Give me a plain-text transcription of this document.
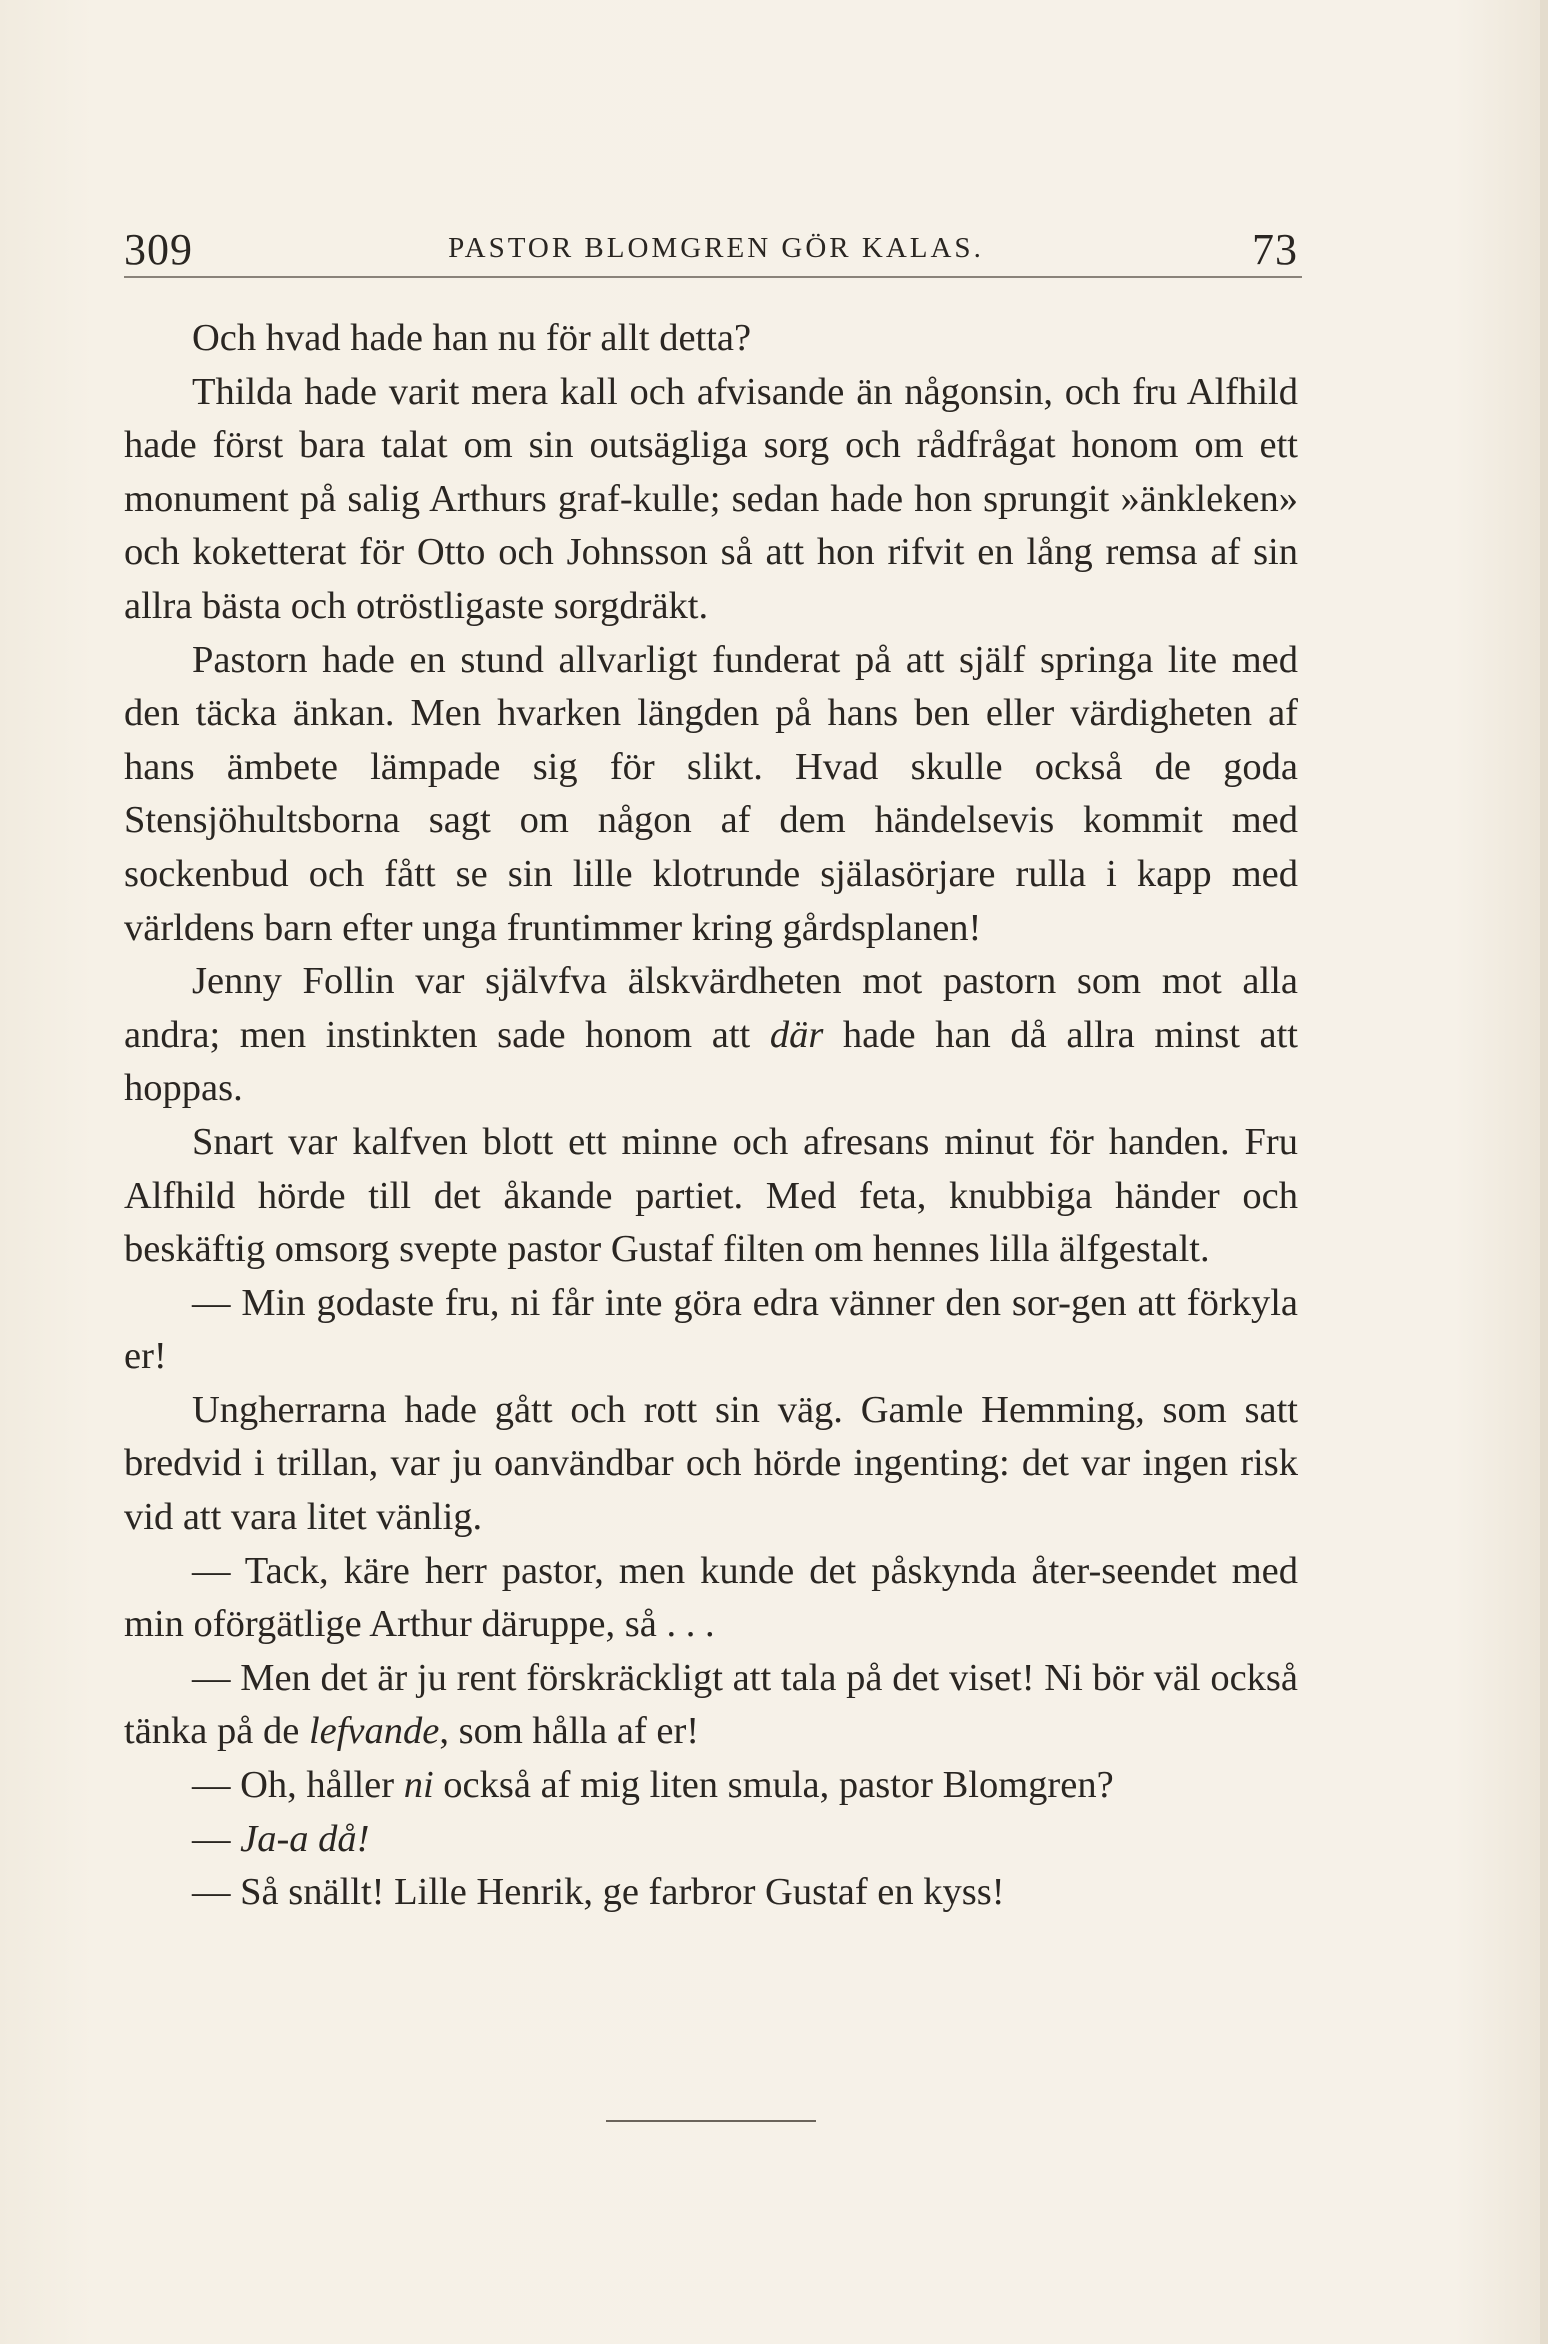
309	PASTOR BLOMGREN GÖR KALAS.	73

Och hvad hade han nu för allt detta?

Thilda hade varit mera kall och afvisande än någonsin, och fru Alfhild hade först bara talat om sin outsägliga sorg och rådfrågat honom om ett monument på salig Arthurs graf-kulle; sedan hade hon sprungit »änkleken» och koketterat för Otto och Johnsson så att hon rifvit en lång remsa af sin allra bästa och otröstligaste sorgdräkt.

Pastorn hade en stund allvarligt funderat på att själf springa lite med den täcka änkan. Men hvarken längden på hans ben eller värdigheten af hans ämbete lämpade sig för slikt. Hvad skulle också de goda Stensjöhultsborna sagt om någon af dem händelsevis kommit med sockenbud och fått se sin lille klotrunde själasörjare rulla i kapp med världens barn efter unga fruntimmer kring gårdsplanen!

Jenny Follin var självfva älskvärdheten mot pastorn som mot alla andra; men instinkten sade honom att där hade han då allra minst att hoppas.

Snart var kalfven blott ett minne och afresans minut för handen. Fru Alfhild hörde till det åkande partiet. Med feta, knubbiga händer och beskäftig omsorg svepte pastor Gustaf filten om hennes lilla älfgestalt.

— Min godaste fru, ni får inte göra edra vänner den sor-gen att förkyla er!

Ungherrarna hade gått och rott sin väg. Gamle Hemming, som satt bredvid i trillan, var ju oanvändbar och hörde ingenting: det var ingen risk vid att vara litet vänlig.

— Tack, käre herr pastor, men kunde det påskynda åter-seendet med min oförgätlige Arthur däruppe, så . . .

— Men det är ju rent förskräckligt att tala på det viset! Ni bör väl också tänka på de lefvande, som hålla af er!

— Oh, håller ni också af mig liten smula, pastor Blomgren?

— Ja-a då!

— Så snällt! Lille Henrik, ge farbror Gustaf en kyss!
